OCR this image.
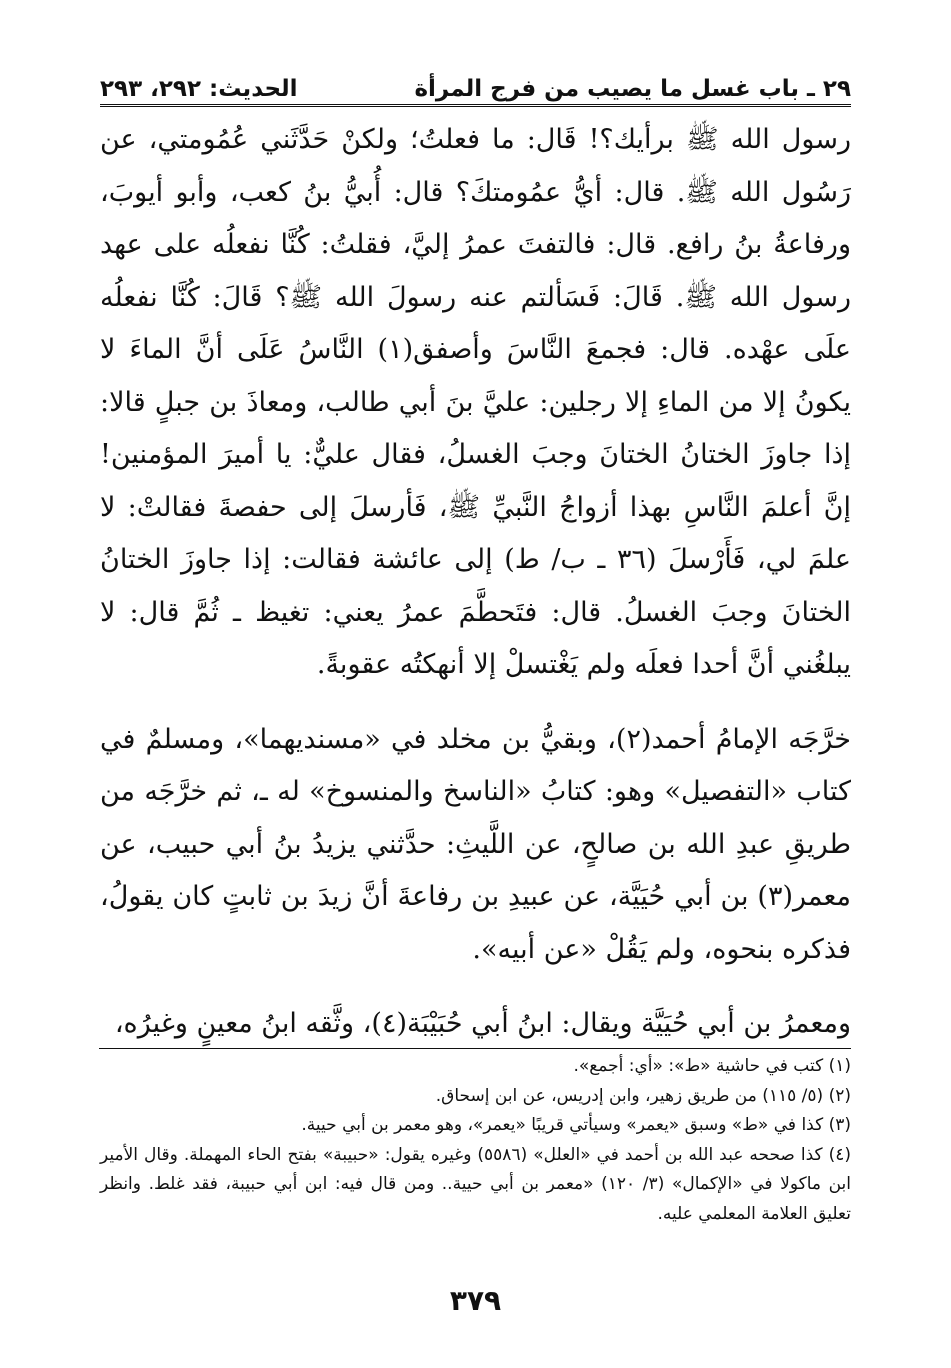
٢٩ ـ باب غسل ما يصيب من فرج المرأة
الحديث: ٢٩٢، ٢٩٣

رسول الله ﷺ برأيك؟! قَال: ما فعلتُ؛ ولكنْ حَدَّثَني عُمُومتي، عن رَسُول الله ﷺ. قال: أيُّ عمُومتكَ؟ قال: أُبيُّ بنُ كعب، وأبو أيوبَ، ورفاعةُ بنُ رافع. قال: فالتفتَ عمرُ إليَّ، فقلتُ: كُنَّا نفعلُه على عهد رسول الله ﷺ. قَالَ: فَسَألتم عنه رسولَ الله ﷺ؟ قَالَ: كُنَّا نفعلُه علَى عهْده. قال: فجمعَ النَّاسَ وأصفق(١) النَّاسُ عَلَى أنَّ الماءَ لا يكونُ إلا من الماءِ إلا رجلين: عليَّ بنَ أبي طالب، ومعاذَ بن جبلٍ قالا: إذا جاوزَ الختانُ الختانَ وجبَ الغسلُ، فقال عليٌّ: يا أميرَ المؤمنين! إنَّ أعلمَ النَّاسِ بهذا أزواجُ النَّبيِّ ﷺ، فَأرسلَ إلى حفصةَ فقالتْ: لا علمَ لي، فَأَرْسلَ (٣٦ ـ ب/ ط) إلى عائشة فقالت: إذا جاوزَ الختانُ الختانَ وجبَ الغسلُ. قال: فتَحطَّمَ عمرُ يعني: تغيظ ـ ثُمَّ قال: لا يبلغُني أنَّ أحدا فعلَه ولم يَغْتسلْ إلا أنهكتُه عقوبةً.

خرَّجَه الإمامُ أحمد(٢)، وبقيُّ بن مخلد في «مسنديهما»، ومسلمٌ في كتاب «التفصيل» وهو: كتابُ «الناسخ والمنسوخ» له ـ، ثم خرَّجَه من طريقِ عبدِ الله بن صالحٍ، عن اللَّيثِ: حدَّثني يزيدُ بنُ أبي حبيب، عن معمر(٣) بن أبي حُيَيَّة، عن عبيدِ بن رفاعةَ أنَّ زيدَ بن ثابتٍ كان يقولُ، فذكره بنحوه، ولم يَقُلْ «عن أبيه».

ومعمرُ بن أبي حُيَيَّة ويقال: ابنُ أبي حُبَيْبَة(٤)، وثَّقه ابنُ معينٍ وغيرُه،

(١) كتب في حاشية «ط»: «أي: أجمع».
(٢) (٥/ ١١٥) من طريق زهير، وابن إدريس، عن ابن إسحاق.
(٣) كذا في «ط» وسبق «يعمر» وسيأتي قريبًا «يعمر»، وهو معمر بن أبي حيية.
(٤) كذا صححه عبد الله بن أحمد في «العلل» (٥٥٨٦) وغيره يقول: «حبيبة» بفتح الحاء المهملة. وقال الأمير ابن ماكولا في «الإكمال» (٣/ ١٢٠) «معمر بن أبي حيية.. ومن قال فيه: ابن أبي حبيبة، فقد غلط. وانظر تعليق العلامة المعلمي عليه.
٣٧٩
